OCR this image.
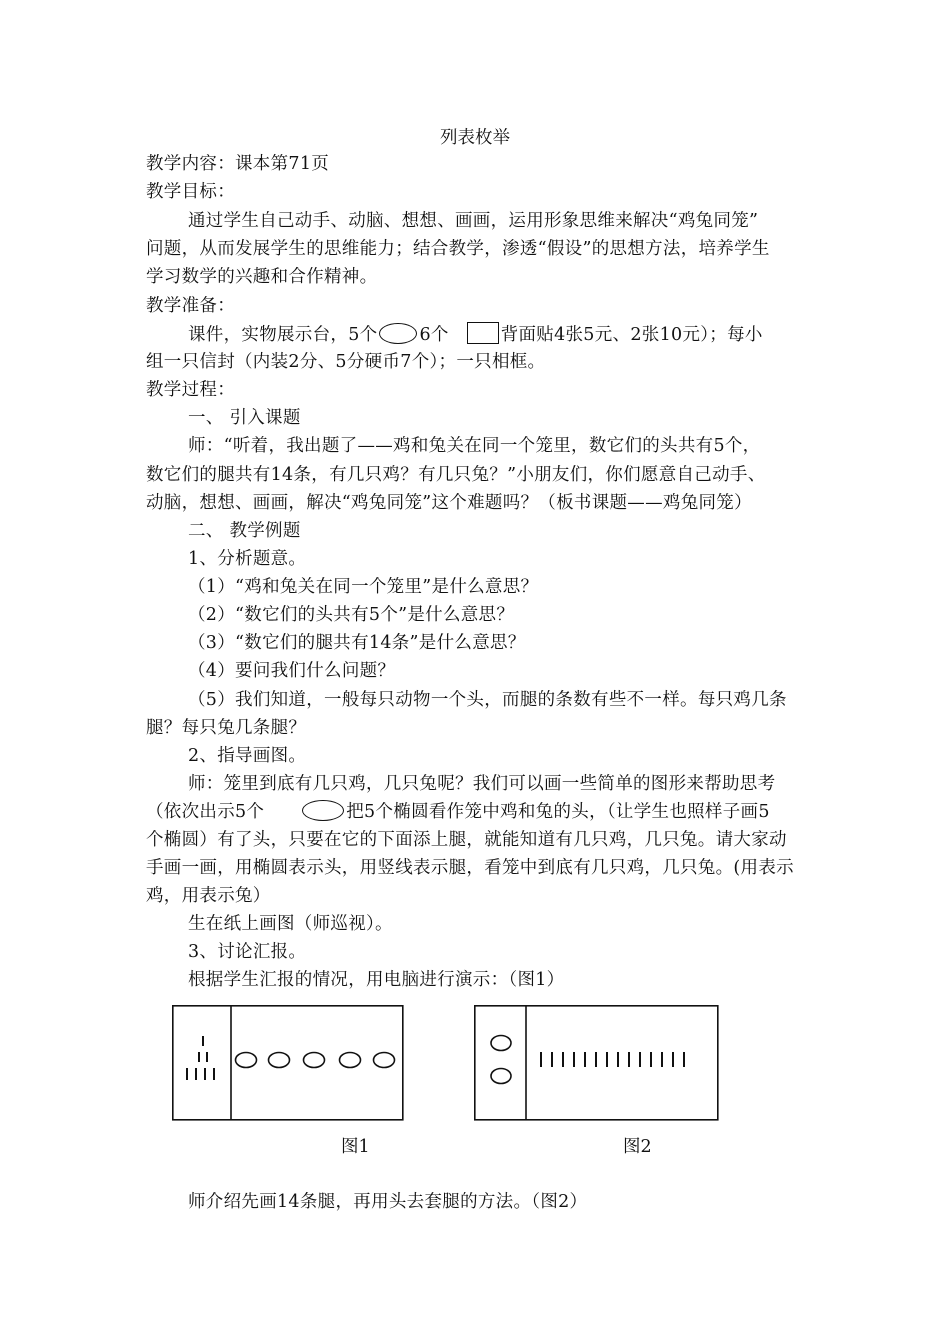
列表枚举
教学内容：课本第71页
教学目标：
通过学生自己动手、动脑、想想、画画，运用形象思维来解决“鸡兔同笼”
问题，从而发展学生的思维能力；结合教学，渗透“假设”的思想方法，培养学生
学习数学的兴趣和合作精神。
教学准备：
课件，实物展示台，5个 6个	背面贴4张5元、2张10元）；每小
组一只信封（内装2分、5分硬币7个）；一只相框。
教学过程：
一、 引入课题
师：“听着，我出题了——鸡和兔关在同一个笼里，数它们的头共有5个，
数它们的腿共有14条，有几只鸡？有几只兔？”小朋友们，你们愿意自己动手、
动脑，想想、画画，解决“鸡兔同笼”这个难题吗？（板书课题——鸡兔同笼）
二、 教学例题
1、分析题意。
（1）“鸡和兔关在同一个笼里”是什么意思？
（2）“数它们的头共有5个”是什么意思？
（3）“数它们的腿共有14条”是什么意思？
（4）要问我们什么问题？
（5）我们知道，一般每只动物一个头，而腿的条数有些不一样。每只鸡几条
腿？每只兔几条腿？
2、指导画图。
师：笼里到底有几只鸡，几只兔呢？我们可以画一些简单的图形来帮助思考
（依次出示5个	把5个椭圆看作笼中鸡和兔的头，（让学生也照样子画5
个椭圆）有了头，只要在它的下面添上腿，就能知道有几只鸡，几只兔。请大家动
手画一画，用椭圆表示头，用竖线表示腿，看笼中到底有几只鸡，几只兔。(用表示
鸡，用表示兔）
生在纸上画图（师巡视）。
3、讨论汇报。
根据学生汇报的情况，用电脑进行演示：（图1）
图1	图2
师介绍先画14条腿，再用头去套腿的方法。（图2）
